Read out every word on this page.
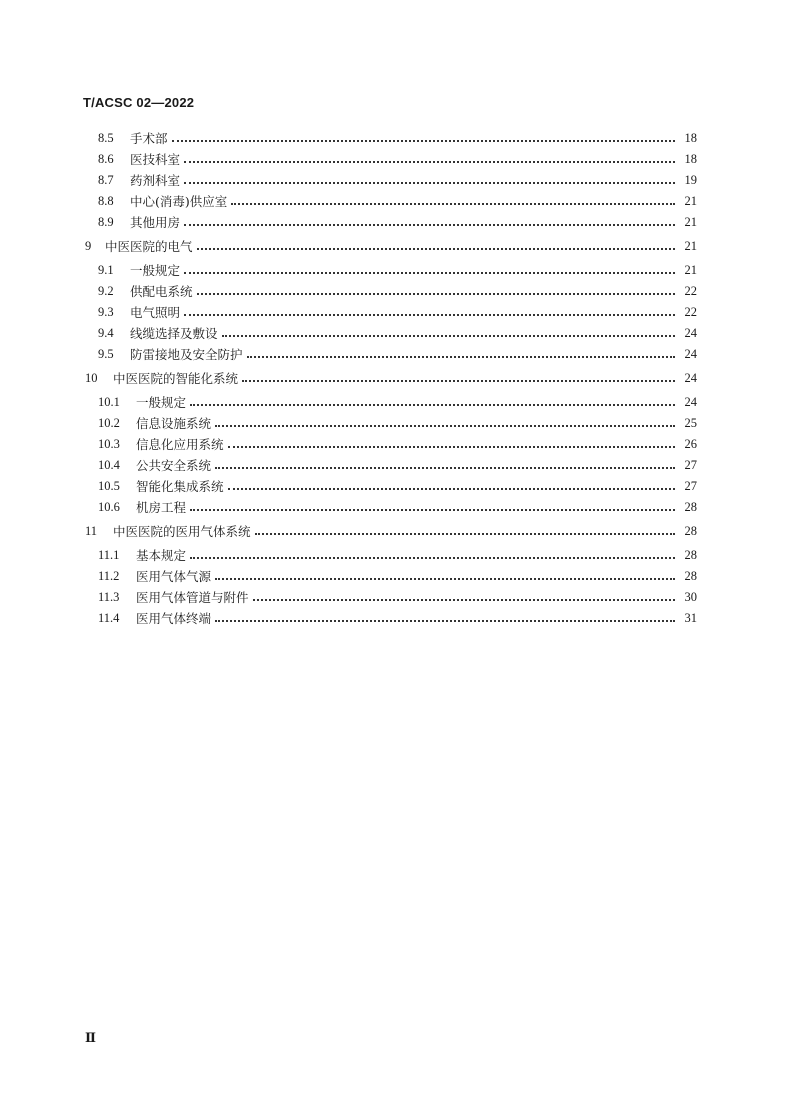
T/ACSC 02—2022
8.5	手术部	18
8.6	医技科室	18
8.7	药剂科室	19
8.8	中心(消毒)供应室	21
8.9	其他用房	21
9	中医医院的电气	21
9.1	一般规定	21
9.2	供配电系统	22
9.3	电气照明	22
9.4	线缆选择及敷设	24
9.5	防雷接地及安全防护	24
10	中医医院的智能化系统	24
10.1	一般规定	24
10.2	信息设施系统	25
10.3	信息化应用系统	26
10.4	公共安全系统	27
10.5	智能化集成系统	27
10.6	机房工程	28
11	中医医院的医用气体系统	28
11.1	基本规定	28
11.2	医用气体气源	28
11.3	医用气体管道与附件	30
11.4	医用气体终端	31
Ⅱ
